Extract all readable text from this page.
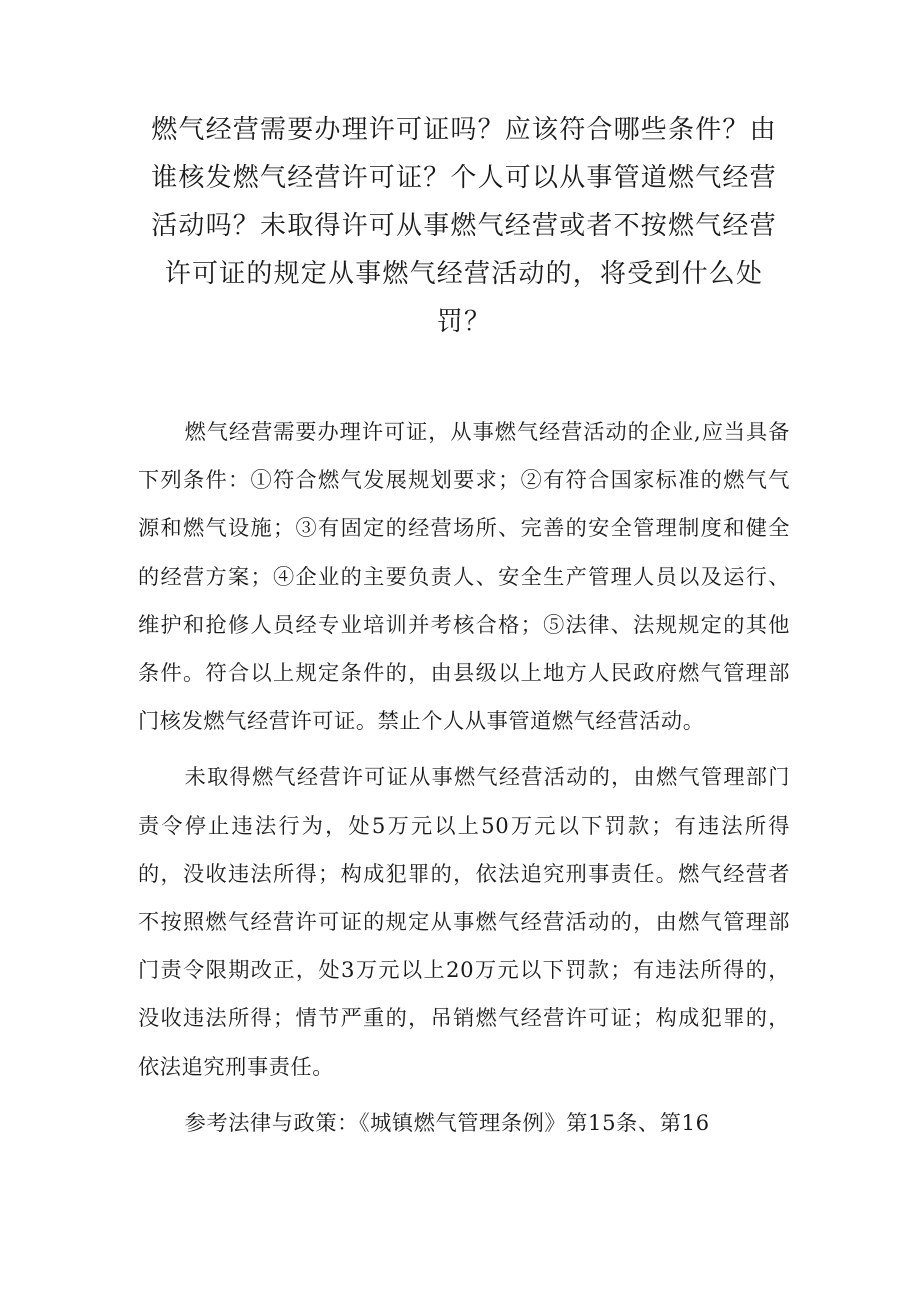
燃气经营需要办理许可证吗？应该符合哪些条件？由谁核发燃气经营许可证？个人可以从事管道燃气经营活动吗？未取得许可从事燃气经营或者不按燃气经营许可证的规定从事燃气经营活动的，将受到什么处罚？

燃气经营需要办理许可证，从事燃气经营活动的企业,应当具备下列条件：①符合燃气发展规划要求；②有符合国家标准的燃气气源和燃气设施；③有固定的经营场所、完善的安全管理制度和健全的经营方案；④企业的主要负责人、安全生产管理人员以及运行、维护和抢修人员经专业培训并考核合格；⑤法律、法规规定的其他条件。符合以上规定条件的，由县级以上地方人民政府燃气管理部门核发燃气经营许可证。禁止个人从事管道燃气经营活动。

未取得燃气经营许可证从事燃气经营活动的，由燃气管理部门责令停止违法行为，处5万元以上50万元以下罚款；有违法所得的，没收违法所得；构成犯罪的，依法追究刑事责任。燃气经营者不按照燃气经营许可证的规定从事燃气经营活动的，由燃气管理部门责令限期改正，处3万元以上20万元以下罚款；有违法所得的，没收违法所得；情节严重的，吊销燃气经营许可证；构成犯罪的，依法追究刑事责任。

参考法律与政策：《城镇燃气管理条例》第15条、第16
